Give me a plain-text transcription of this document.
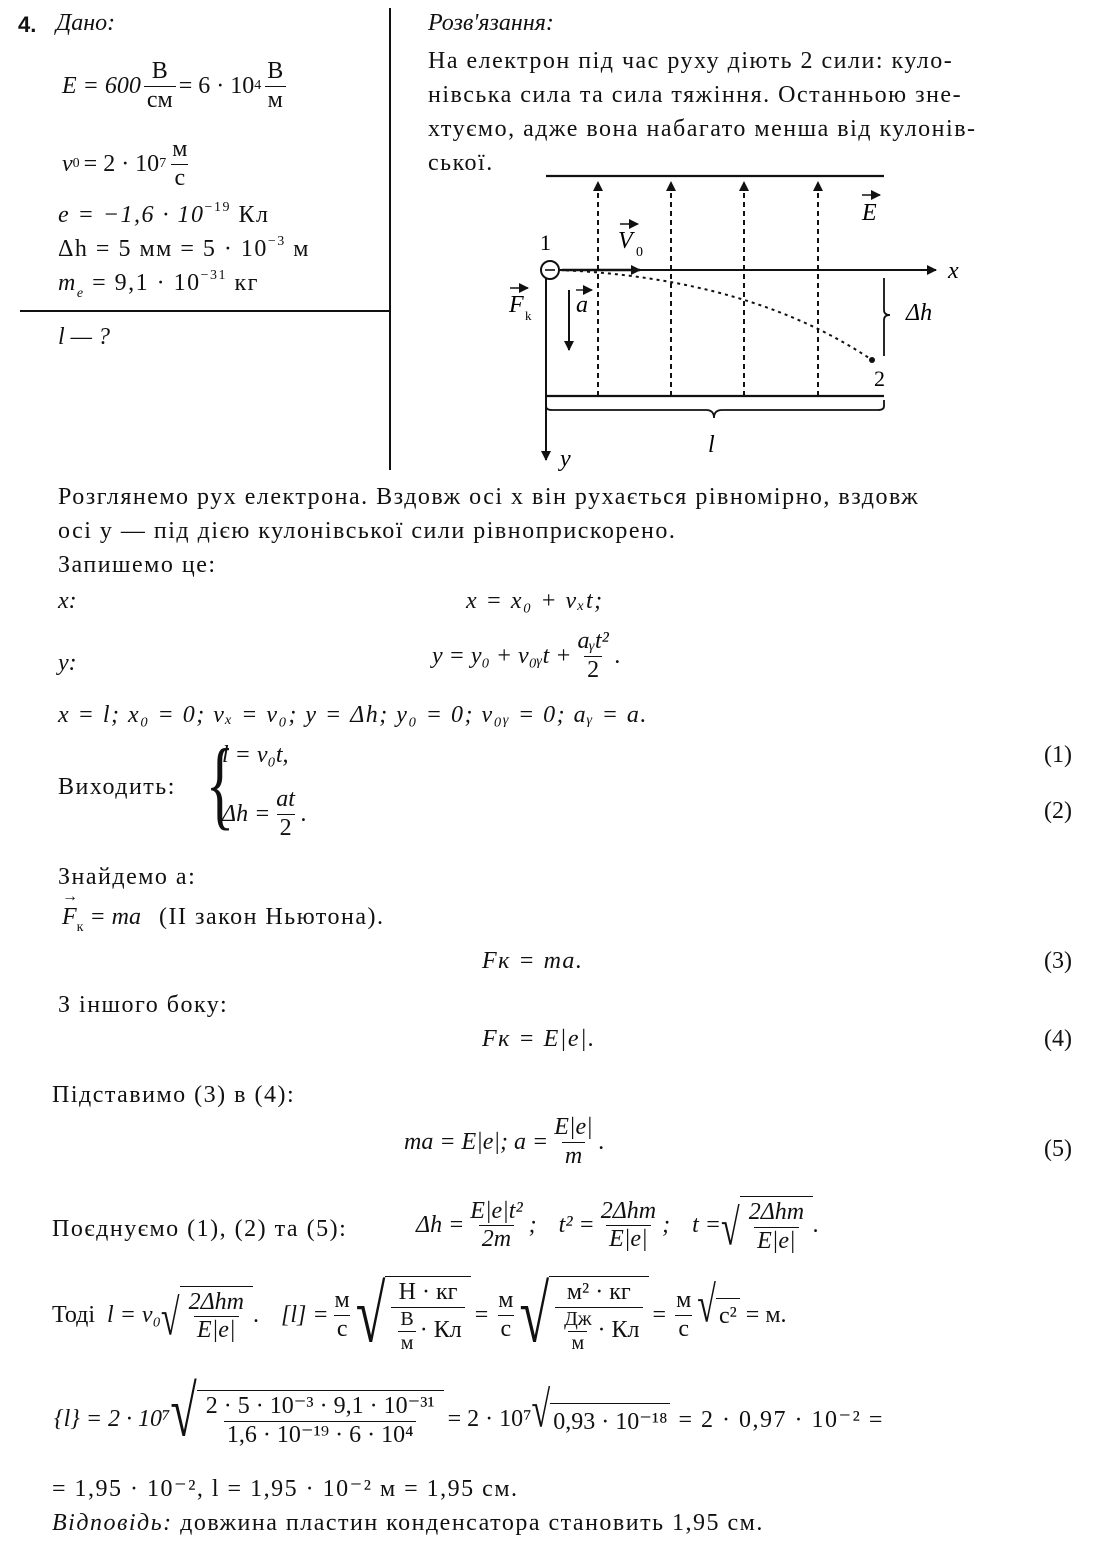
4. Дано:
$E = 600 \frac{В}{см} = 6 \cdot 10$ $4 \frac{В}{м}$
v 0 = 2 · 10 $7 \frac{м}{с}$
$e = -1,6 \cdot 10^{-19}$ Кл
Δh = 5 мм = $5 \cdot 10^{-3}$ м
$m_e = 9,1 \cdot 10^{-31}$ кг
l — ?
Розв'язання:
На електрон під час руху діють 2 сили: куло-
нівська сила та сила тяжіння. Останньою зне-
хтуємо, адже вона набагато менша від кулонів-
ської.
E
V 0
1
2
x
y
F k a	Δh
l
Розглянемо рух електрона. Вздовж осі x він рухається рівномірно, вздовж
осі y — під дією кулонівської сили рівноприскорено.
Запишемо це:
x:	x = x₀ + vₓt;
y:	y = y₀ + v₀ᵧt + $\frac{\text{aᵧt²}}{2}$ .
x = l; x₀ = 0; vₓ = v₀; y = Δh; y₀ = 0; v₀ᵧ = 0; aᵧ = a.
Виходить: {
l = v₀t,
$\Delta h = \frac{at}{2}$ .
(1)
(2)
Знайдемо a:
→ $F_к$ = ma (II закон Ньютона).
Fк = ma.	(3)
З іншого боку:
Fк = E|e|.	(4)
Підставимо (3) в (4):
ma = E|e|; $a = \frac{E|e|}{m}$ .	(5)
Поєднуємо (1), (2) та (5):	$\Delta h = \frac{\text{E|e|t²}}{2m}$ ; $t^2 = \frac{\text{2Δhm}}{E|e|}$ ; t = √ $\frac{\text{2Δhm}}{E|e|}$ .
Тоді l = v₀ √ $\frac{\text{2Δhm}}{E|e|}$ . $[l] = \frac{м}{с}$ √ $\frac{Н \cdot кг}{\frac{В}{м} \cdot Кл} = \frac{м}{с}$ √ $\frac{\text{м² · кг}}{\frac{Дж}{м} \cdot Кл} = \frac{м}{с}$ √ с² = м.
{l} = 2 · 10⁷ √ $\frac{\text{2 · 5 · 10⁻³ · 9,1 · 10⁻³¹}}{\text{1,6 · 10⁻¹⁹ · 6 · 10⁴}} = 2 \cdot 10^7$ √ 0,93 · 10⁻¹⁸ = 2 · 0,97 · 10⁻² =
= 1,95 · 10⁻², l = 1,95 · 10⁻² м = 1,95 см.
Відповідь: довжина пластин конденсатора становить 1,95 см.
